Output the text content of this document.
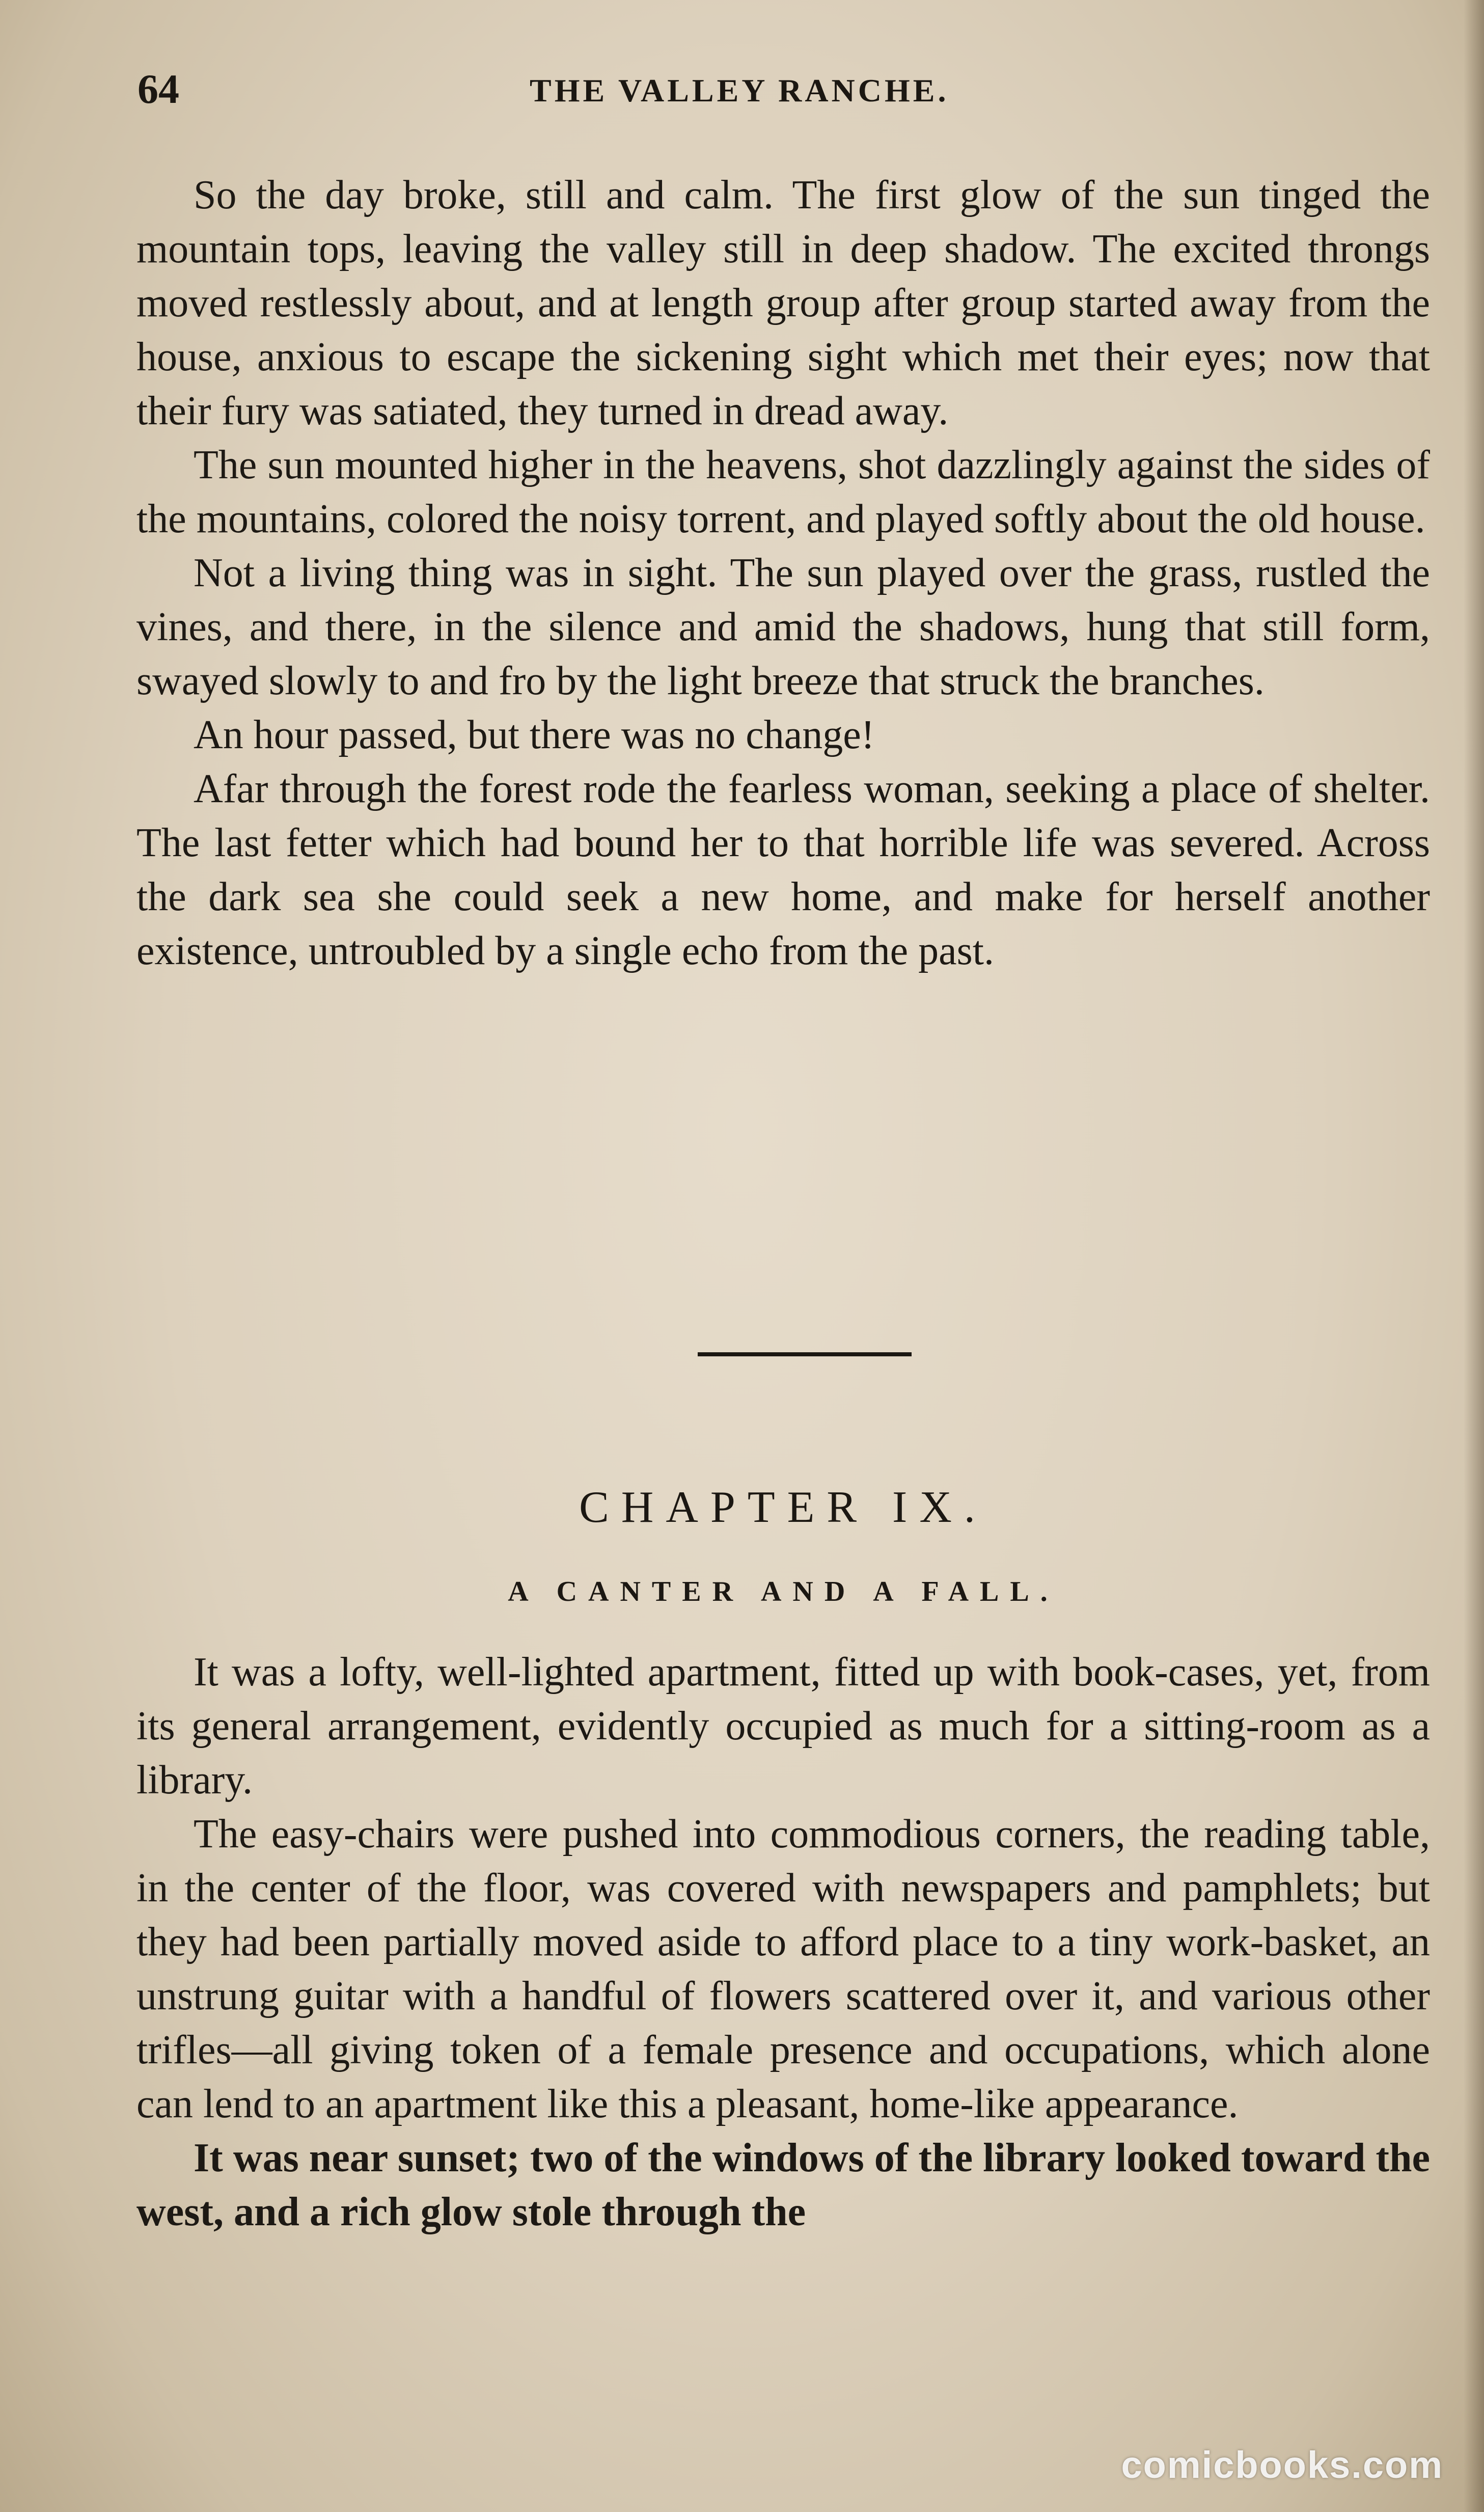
64	THE VALLEY RANCHE.

So the day broke, still and calm. The first glow of the sun tinged the mountain tops, leaving the valley still in deep shadow. The excited throngs moved restlessly about, and at length group after group started away from the house, anxious to escape the sickening sight which met their eyes; now that their fury was satiated, they turned in dread away.

The sun mounted higher in the heavens, shot dazzlingly against the sides of the mountains, colored the noisy torrent, and played softly about the old house.

Not a living thing was in sight. The sun played over the grass, rustled the vines, and there, in the silence and amid the shadows, hung that still form, swayed slowly to and fro by the light breeze that struck the branches.

An hour passed, but there was no change!

Afar through the forest rode the fearless woman, seeking a place of shelter. The last fetter which had bound her to that horrible life was severed. Across the dark sea she could seek a new home, and make for herself another existence, untroubled by a single echo from the past.

CHAPTER IX.
A CANTER AND A FALL.

It was a lofty, well-lighted apartment, fitted up with book-cases, yet, from its general arrangement, evidently occupied as much for a sitting-room as a library.

The easy-chairs were pushed into commodious corners, the reading table, in the center of the floor, was covered with newspapers and pamphlets; but they had been partially moved aside to afford place to a tiny work-basket, an unstrung guitar with a handful of flowers scattered over it, and various other trifles—all giving token of a female presence and occupations, which alone can lend to an apartment like this a pleasant, home-like appearance.

It was near sunset; two of the windows of the library looked toward the west, and a rich glow stole through the

comicbooks.com
